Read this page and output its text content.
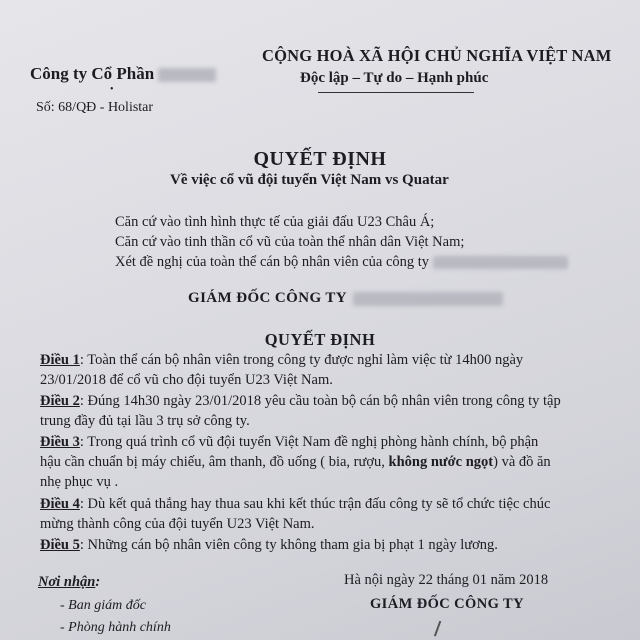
Công ty Cổ Phần
•
Số: 68/QĐ - Holistar
CỘNG HOÀ XÃ HỘI CHỦ NGHĨA VIỆT NAM
Độc lập – Tự do – Hạnh phúc
QUYẾT ĐỊNH
Về việc cổ vũ đội tuyển Việt Nam vs Quatar
Căn cứ vào tình hình thực tế của giải đấu U23 Châu Á;
Căn cứ vào tinh thần cổ vũ của toàn thể nhân dân Việt Nam;
Xét đề nghị của toàn thể cán bộ nhân viên của công ty
GIÁM ĐỐC CÔNG TY
QUYẾT ĐỊNH
Điều 1: Toàn thể cán bộ nhân viên trong công ty được nghỉ làm việc từ 14h00 ngày
23/01/2018 để cổ vũ cho đội tuyển U23 Việt Nam.
Điều 2: Đúng 14h30 ngày 23/01/2018 yêu cầu toàn bộ cán bộ nhân viên trong công ty tập
trung đầy đủ tại lầu 3 trụ sở công ty.
Điều 3: Trong quá trình cổ vũ đội tuyển Việt Nam đề nghị phòng hành chính, bộ phận
hậu cần chuẩn bị máy chiếu, âm thanh, đồ uống ( bia, rượu, không nước ngọt) và đồ ăn
nhẹ phục vụ .
Điều 4: Dù kết quả thắng hay thua sau khi kết thúc trận đấu công ty sẽ tổ chức tiệc chúc
mừng thành công của đội tuyển U23 Việt Nam.
Điều 5: Những cán bộ nhân viên công ty không tham gia bị phạt 1 ngày lương.
Nơi nhận:
- Ban giám đốc
- Phòng hành chính
Hà nội ngày 22 tháng 01 năm 2018
GIÁM ĐỐC CÔNG TY
